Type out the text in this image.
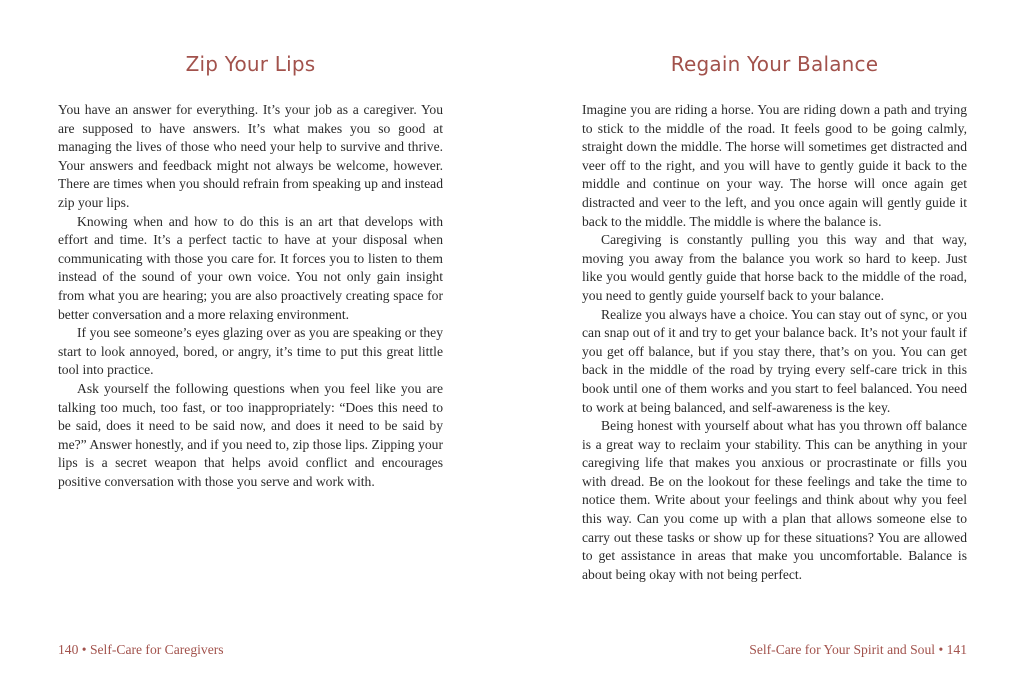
Zip Your Lips

You have an answer for everything. It’s your job as a caregiver. You are supposed to have answers. It’s what makes you so good at managing the lives of those who need your help to survive and thrive. Your answers and feedback might not always be welcome, however. There are times when you should refrain from speaking up and instead zip your lips.

Knowing when and how to do this is an art that develops with effort and time. It’s a perfect tactic to have at your disposal when communicating with those you care for. It forces you to listen to them instead of the sound of your own voice. You not only gain insight from what you are hearing; you are also proactively creating space for better conversation and a more relaxing environment.

If you see someone’s eyes glazing over as you are speaking or they start to look annoyed, bored, or angry, it’s time to put this great little tool into practice.

Ask yourself the following questions when you feel like you are talking too much, too fast, or too inappropriately: “Does this need to be said, does it need to be said now, and does it need to be said by me?” Answer honestly, and if you need to, zip those lips. Zipping your lips is a secret weapon that helps avoid conflict and encourages positive conversation with those you serve and work with.

140 • Self-Care for Caregivers
Regain Your Balance

Imagine you are riding a horse. You are riding down a path and trying to stick to the middle of the road. It feels good to be going calmly, straight down the middle. The horse will sometimes get distracted and veer off to the right, and you will have to gently guide it back to the middle and continue on your way. The horse will once again get distracted and veer to the left, and you once again will gently guide it back to the middle. The middle is where the balance is.

Caregiving is constantly pulling you this way and that way, moving you away from the balance you work so hard to keep. Just like you would gently guide that horse back to the middle of the road, you need to gently guide yourself back to your balance.

Realize you always have a choice. You can stay out of sync, or you can snap out of it and try to get your balance back. It’s not your fault if you get off balance, but if you stay there, that’s on you. You can get back in the middle of the road by trying every self-care trick in this book until one of them works and you start to feel balanced. You need to work at being balanced, and self-awareness is the key.

Being honest with yourself about what has you thrown off balance is a great way to reclaim your stability. This can be anything in your caregiving life that makes you anxious or procrastinate or fills you with dread. Be on the lookout for these feelings and take the time to notice them. Write about your feelings and think about why you feel this way. Can you come up with a plan that allows someone else to carry out these tasks or show up for these situations? You are allowed to get assistance in areas that make you uncomfortable. Balance is about being okay with not being perfect.

Self-Care for Your Spirit and Soul • 141
